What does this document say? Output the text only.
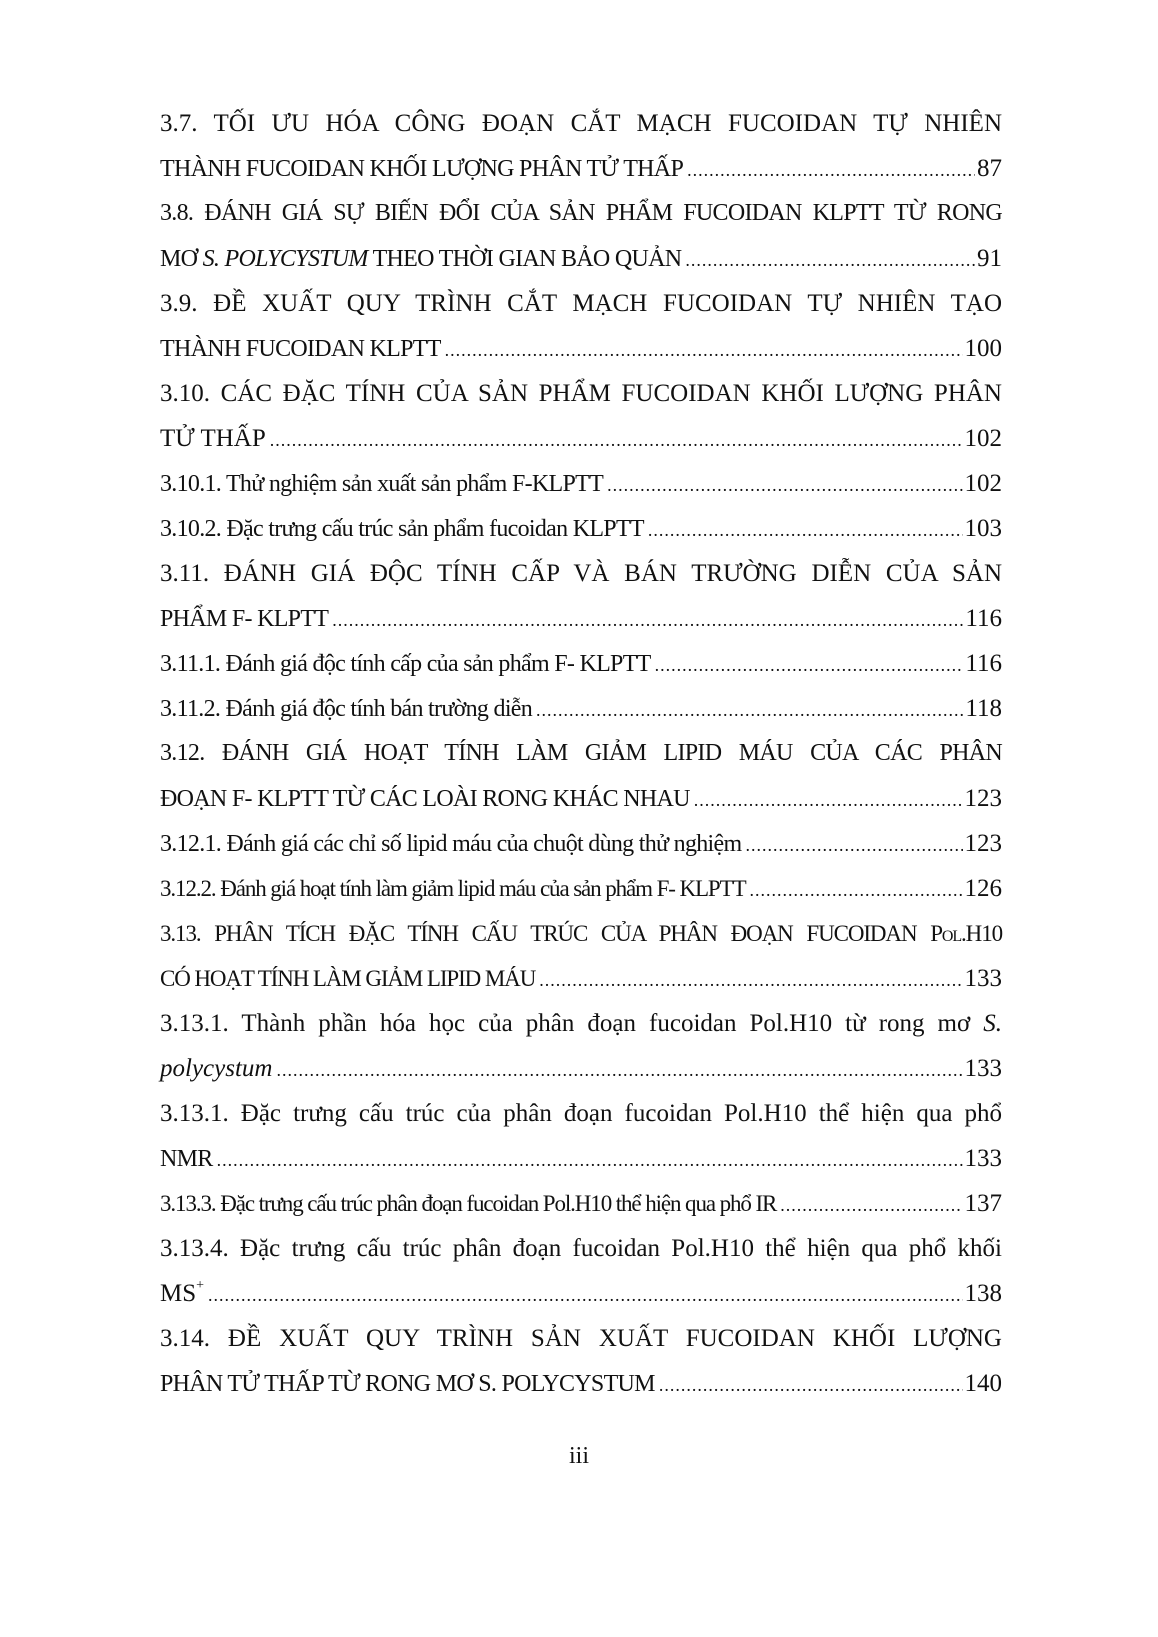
3.7. TỐI ƯU HÓA CÔNG ĐOẠN CẮT MẠCH FUCOIDAN TỰ NHIÊN
THÀNH FUCOIDAN KHỐI LƯỢNG PHÂN TỬ THẤP .....	87
3.8. ĐÁNH GIÁ SỰ BIẾN ĐỔI CỦA SẢN PHẨM FUCOIDAN KLPTT TỪ RONG
MƠ S. POLYCYSTUM THEO THỜI GIAN BẢO QUẢN .....	91
3.9. ĐỀ XUẤT QUY TRÌNH CẮT MẠCH FUCOIDAN TỰ NHIÊN TẠO
THÀNH FUCOIDAN KLPTT .....	100
3.10. CÁC ĐẶC TÍNH CỦA SẢN PHẨM FUCOIDAN KHỐI LƯỢNG PHÂN
TỬ THẤP .....	102
3.10.1. Thử nghiệm sản xuất sản phẩm F-KLPTT .....	102
3.10.2. Đặc trưng cấu trúc sản phẩm fucoidan KLPTT .....	103
3.11. ĐÁNH GIÁ ĐỘC TÍNH CẤP VÀ BÁN TRƯỜNG DIỄN CỦA SẢN
PHẨM F- KLPTT .....	116
3.11.1. Đánh giá độc tính cấp của sản phẩm F- KLPTT .....	116
3.11.2. Đánh giá độc tính bán trường diễn .....	118
3.12. ĐÁNH GIÁ HOẠT TÍNH LÀM GIẢM LIPID MÁU CỦA CÁC PHÂN
ĐOẠN F- KLPTT TỪ CÁC LOÀI RONG KHÁC NHAU .....	123
3.12.1. Đánh giá các chỉ số lipid máu của chuột dùng thử nghiệm .....	123
3.12.2. Đánh giá hoạt tính làm giảm lipid máu của sản phẩm F- KLPTT .....	126
3.13. PHÂN TÍCH ĐẶC TÍNH CẤU TRÚC CỦA PHÂN ĐOẠN FUCOIDAN Pol.H10
CÓ HOẠT TÍNH LÀM GIẢM LIPID MÁU .....	133
3.13.1. Thành phần hóa học của phân đoạn fucoidan Pol.H10 từ rong mơ S.
polycystum .....	133
3.13.1. Đặc trưng cấu trúc của phân đoạn fucoidan Pol.H10 thể hiện qua phổ
NMR .....	133
3.13.3. Đặc trưng cấu trúc phân đoạn fucoidan Pol.H10 thể hiện qua phổ IR .....	137
3.13.4. Đặc trưng cấu trúc phân đoạn fucoidan Pol.H10 thể hiện qua phổ khối
MS+ .....	138
3.14. ĐỀ XUẤT QUY TRÌNH SẢN XUẤT FUCOIDAN KHỐI LƯỢNG
PHÂN TỬ THẤP TỪ RONG MƠ S. POLYCYSTUM .....	140
iii
